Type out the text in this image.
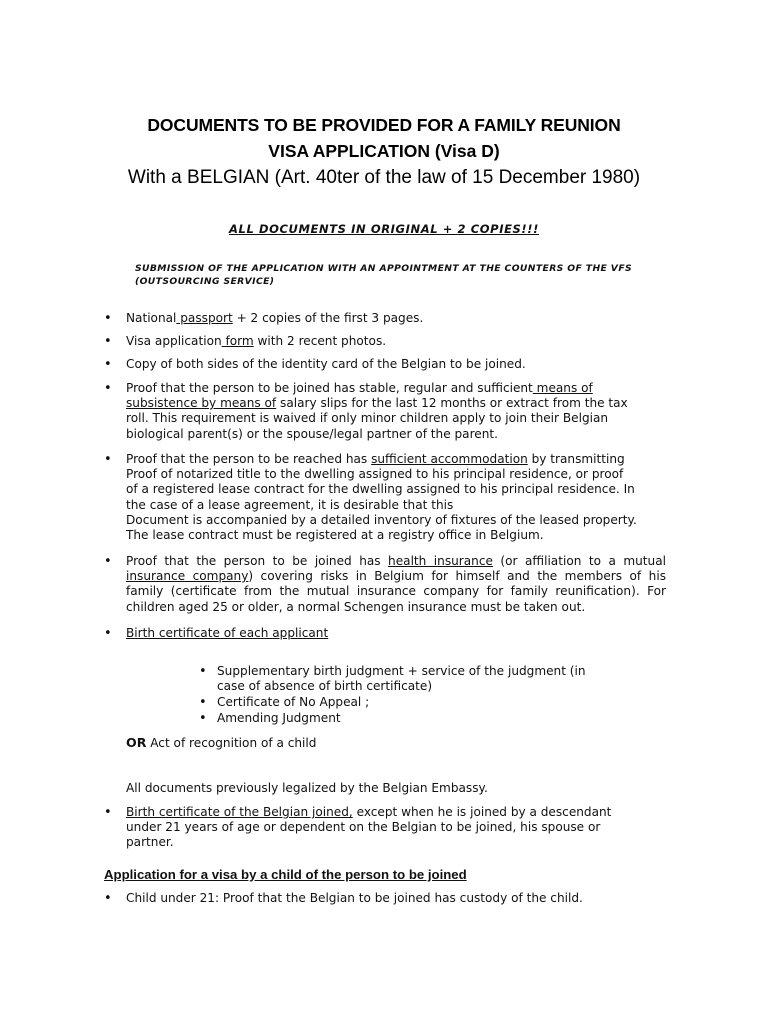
DOCUMENTS TO BE PROVIDED FOR A FAMILY REUNION
VISA APPLICATION (Visa D)
With a BELGIAN (Art. 40ter of the law of 15 December 1980)
ALL DOCUMENTS IN ORIGINAL + 2 COPIES!!!
SUBMISSION OF THE APPLICATION WITH AN APPOINTMENT AT THE COUNTERS OF THE VFS
(OUTSOURCING SERVICE)
• National passport + 2 copies of the first 3 pages.
• Visa application form with 2 recent photos.
• Copy of both sides of the identity card of the Belgian to be joined.
• Proof that the person to be joined has stable, regular and sufficient means of
subsistence by means of salary slips for the last 12 months or extract from the tax
roll. This requirement is waived if only minor children apply to join their Belgian
biological parent(s) or the spouse/legal partner of the parent.
• Proof that the person to be reached has sufficient accommodation by transmitting
Proof of notarized title to the dwelling assigned to his principal residence, or proof
of a registered lease contract for the dwelling assigned to his principal residence. In
the case of a lease agreement, it is desirable that this
Document is accompanied by a detailed inventory of fixtures of the leased property.
The lease contract must be registered at a registry office in Belgium.
• Proof that the person to be joined has health insurance (or affiliation to a mutual
insurance company) covering risks in Belgium for himself and the members of his
family (certificate from the mutual insurance company for family reunification). For
children aged 25 or older, a normal Schengen insurance must be taken out.
• Birth certificate of each applicant
• Supplementary birth judgment + service of the judgment (in
case of absence of birth certificate)
• Certificate of No Appeal ;
• Amending Judgment
OR Act of recognition of a child
All documents previously legalized by the Belgian Embassy.
• Birth certificate of the Belgian joined, except when he is joined by a descendant
under 21 years of age or dependent on the Belgian to be joined, his spouse or
partner.
Application for a visa by a child of the person to be joined
• Child under 21: Proof that the Belgian to be joined has custody of the child.
